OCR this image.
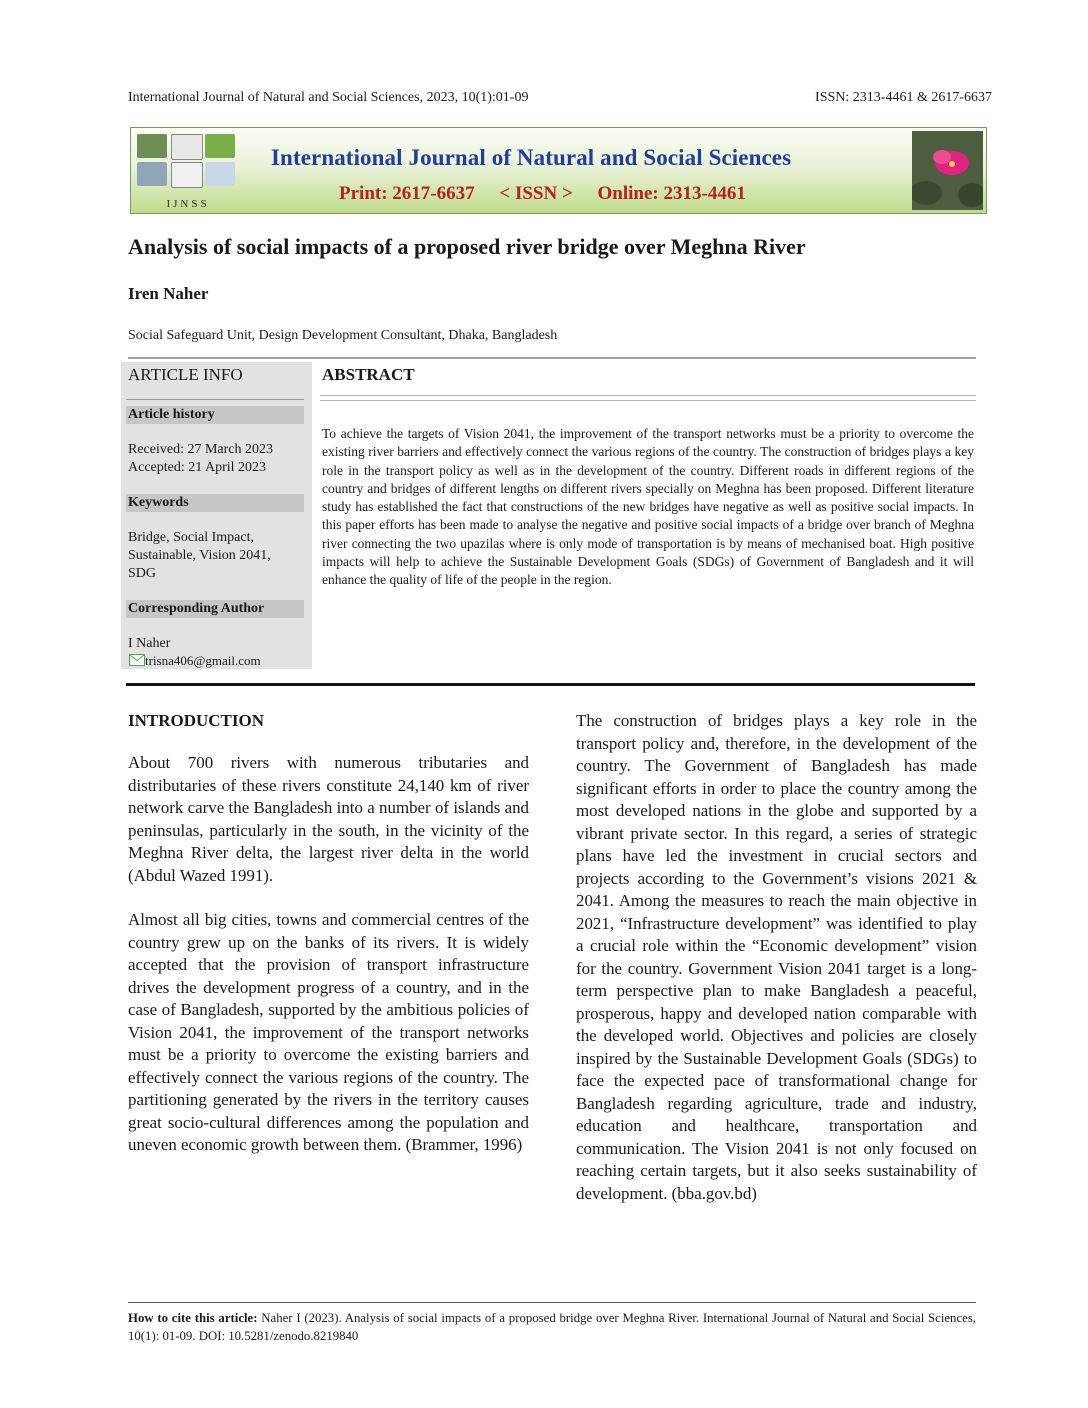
International Journal of Natural and Social Sciences, 2023, 10(1):01-09	ISSN: 2313-4461 & 2617-6637
IJNSS
International Journal of Natural and Social Sciences
Print: 2617-6637 < ISSN > Online: 2313-4461
Analysis of social impacts of a proposed river bridge over Meghna River
Iren Naher
Social Safeguard Unit, Design Development Consultant, Dhaka, Bangladesh
ARTICLE INFO
Article history
Received: 27 March 2023
Accepted: 21 April 2023
Keywords
Bridge, Social Impact,
Sustainable, Vision 2041,
SDG
Corresponding Author
I Naher
trisna406@gmail.com
ABSTRACT
To achieve the targets of Vision 2041, the improvement of the transport networks must be a priority to overcome the existing river barriers and effectively connect the various regions of the country. The construction of bridges plays a key role in the transport policy as well as in the development of the country. Different roads in different regions of the country and bridges of different lengths on different rivers specially on Meghna has been proposed. Different literature study has established the fact that constructions of the new bridges have negative as well as positive social impacts. In this paper efforts has been made to analyse the negative and positive social impacts of a bridge over branch of Meghna river connecting the two upazilas where is only mode of transportation is by means of mechanised boat. High positive impacts will help to achieve the Sustainable Development Goals (SDGs) of Government of Bangladesh and it will enhance the quality of life of the people in the region.
INTRODUCTION

About 700 rivers with numerous tributaries and distributaries of these rivers constitute 24,140 km of river network carve the Bangladesh into a number of islands and peninsulas, particularly in the south, in the vicinity of the Meghna River delta, the largest river delta in the world (Abdul Wazed 1991).

Almost all big cities, towns and commercial centres of the country grew up on the banks of its rivers. It is widely accepted that the provision of transport infrastructure drives the development progress of a country, and in the case of Bangladesh, supported by the ambitious policies of Vision 2041, the improvement of the transport networks must be a priority to overcome the existing barriers and effectively connect the various regions of the country. The partitioning generated by the rivers in the territory causes great socio-cultural differences among the population and uneven economic growth between them. (Brammer, 1996)

The construction of bridges plays a key role in the transport policy and, therefore, in the development of the country. The Government of Bangladesh has made significant efforts in order to place the country among the most developed nations in the globe and supported by a vibrant private sector. In this regard, a series of strategic plans have led the investment in crucial sectors and projects according to the Government’s visions 2021 & 2041. Among the measures to reach the main objective in 2021, “Infrastructure development” was identified to play a crucial role within the “Economic development” vision for the country. Government Vision 2041 target is a long-term perspective plan to make Bangladesh a peaceful, prosperous, happy and developed nation comparable with the developed world. Objectives and policies are closely inspired by the Sustainable Development Goals (SDGs) to face the expected pace of transformational change for Bangladesh regarding agriculture, trade and industry, education and healthcare, transportation and communication. The Vision 2041 is not only focused on reaching certain targets, but it also seeks sustainability of development. (bba.gov.bd)

How to cite this article: Naher I (2023). Analysis of social impacts of a proposed bridge over Meghna River. International Journal of Natural and Social Sciences, 10(1): 01-09. DOI: 10.5281/zenodo.8219840
